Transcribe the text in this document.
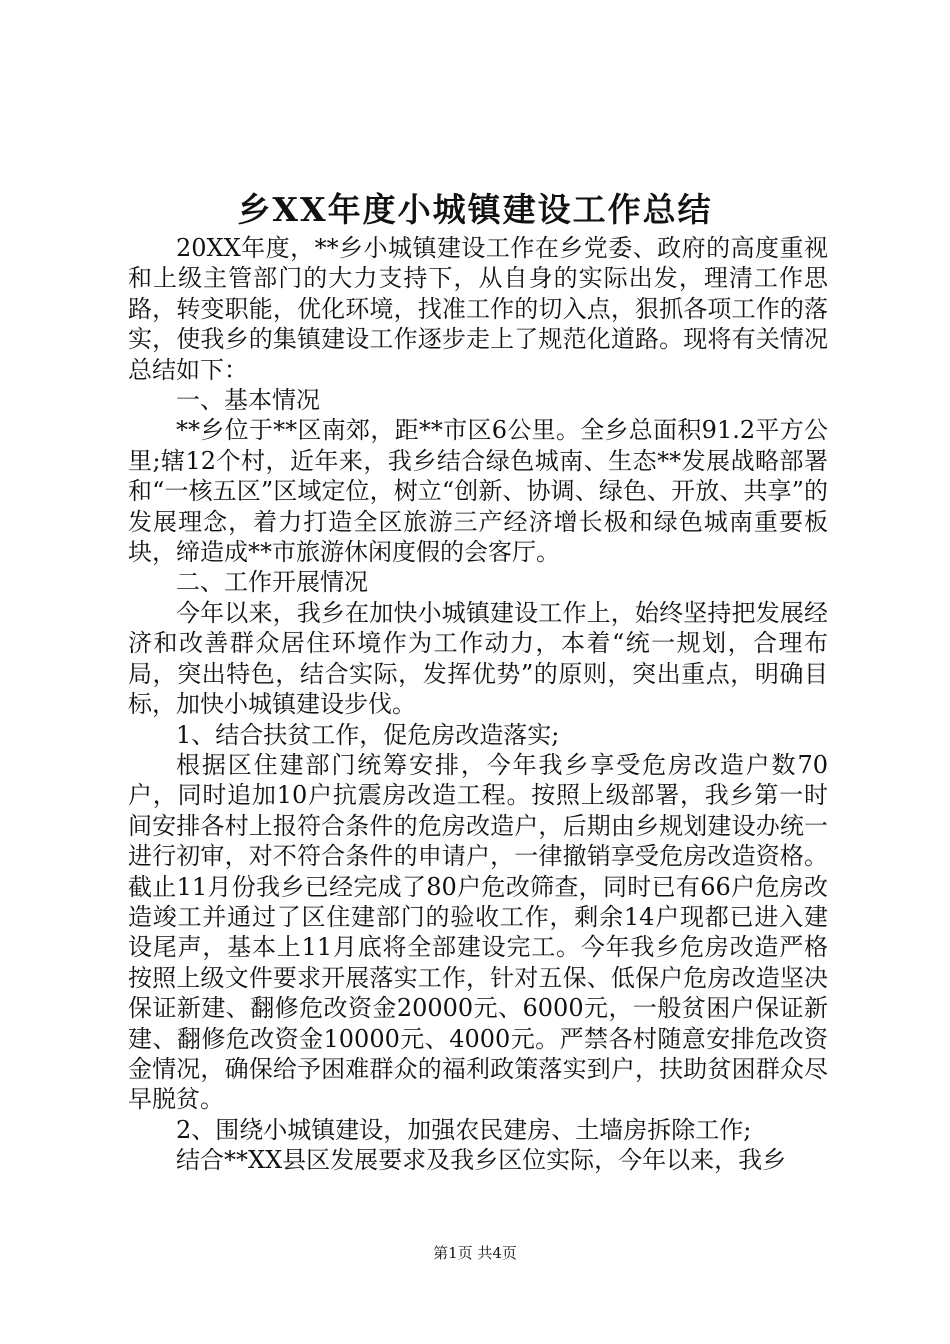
乡XX年度小城镇建设工作总结

20XX年度，**乡小城镇建设工作在乡党委、政府的高度重视和上级主管部门的大力支持下，从自身的实际出发，理清工作思路，转变职能，优化环境，找准工作的切入点，狠抓各项工作的落实，使我乡的集镇建设工作逐步走上了规范化道路。现将有关情况总结如下：

一、基本情况

**乡位于**区南郊，距**市区6公里。全乡总面积91.2平方公里;辖12个村，近年来，我乡结合绿色城南、生态**发展战略部署和“一核五区”区域定位，树立“创新、协调、绿色、开放、共享”的发展理念，着力打造全区旅游三产经济增长极和绿色城南重要板块，缔造成**市旅游休闲度假的会客厅。

二、工作开展情况

今年以来，我乡在加快小城镇建设工作上，始终坚持把发展经济和改善群众居住环境作为工作动力，本着“统一规划，合理布局，突出特色，结合实际，发挥优势”的原则，突出重点，明确目标，加快小城镇建设步伐。

1、结合扶贫工作，促危房改造落实;

根据区住建部门统筹安排，今年我乡享受危房改造户数70户，同时追加10户抗震房改造工程。按照上级部署，我乡第一时间安排各村上报符合条件的危房改造户，后期由乡规划建设办统一进行初审，对不符合条件的申请户，一律撤销享受危房改造资格。截止11月份我乡已经完成了80户危改筛查，同时已有66户危房改造竣工并通过了区住建部门的验收工作，剩余14户现都已进入建设尾声，基本上11月底将全部建设完工。今年我乡危房改造严格按照上级文件要求开展落实工作，针对五保、低保户危房改造坚决保证新建、翻修危改资金20000元、6000元，一般贫困户保证新建、翻修危改资金10000元、4000元。严禁各村随意安排危改资金情况，确保给予困难群众的福利政策落实到户，扶助贫困群众尽早脱贫。

2、围绕小城镇建设，加强农民建房、土墙房拆除工作;

结合**XX县区发展要求及我乡区位实际，今年以来，我乡

第1页 共4页
